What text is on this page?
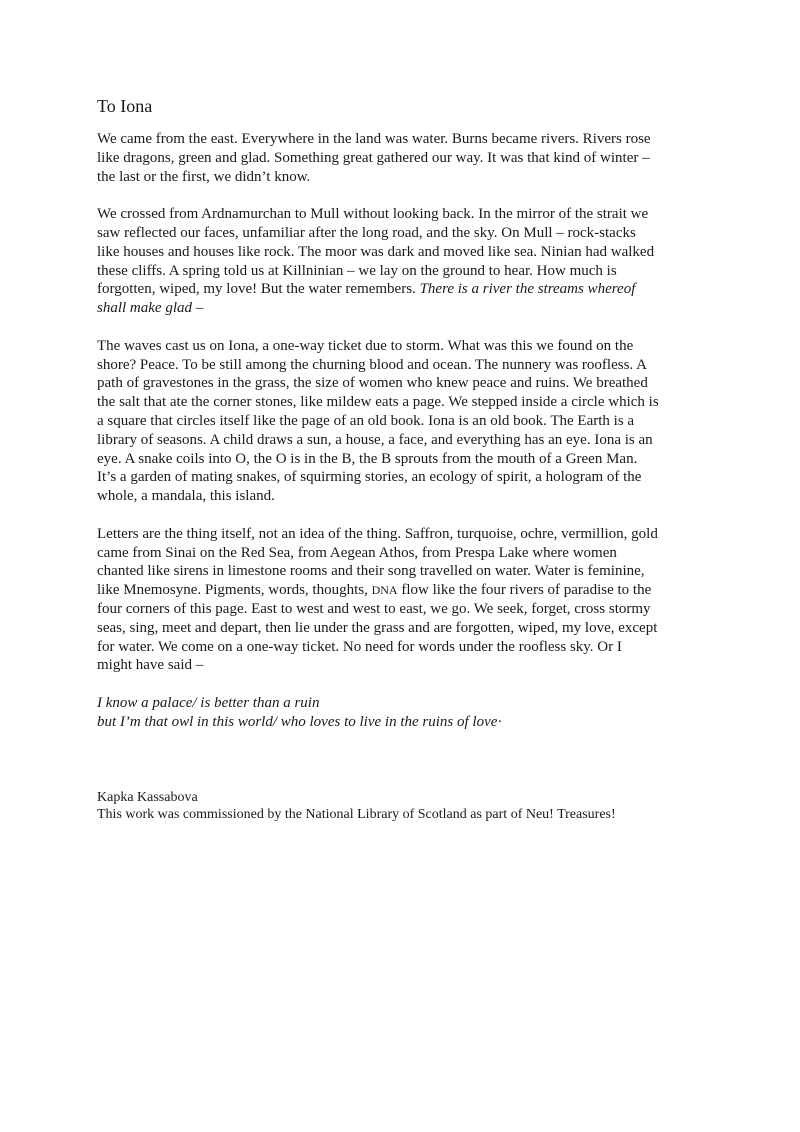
To Iona

We came from the east. Everywhere in the land was water. Burns became rivers. Rivers rose
like dragons, green and glad. Something great gathered our way. It was that kind of winter –
the last or the first, we didn’t know.

We crossed from Ardnamurchan to Mull without looking back. In the mirror of the strait we
saw reflected our faces, unfamiliar after the long road, and the sky. On Mull – rock-stacks
like houses and houses like rock. The moor was dark and moved like sea. Ninian had walked
these cliffs. A spring told us at Killninian – we lay on the ground to hear. How much is
forgotten, wiped, my love! But the water remembers. There is a river the streams whereof
shall make glad –

The waves cast us on Iona, a one-way ticket due to storm. What was this we found on the
shore? Peace. To be still among the churning blood and ocean. The nunnery was roofless. A
path of gravestones in the grass, the size of women who knew peace and ruins. We breathed
the salt that ate the corner stones, like mildew eats a page. We stepped inside a circle which is
a square that circles itself like the page of an old book. Iona is an old book. The Earth is a
library of seasons. A child draws a sun, a house, a face, and everything has an eye. Iona is an
eye. A snake coils into O, the O is in the B, the B sprouts from the mouth of a Green Man.
It’s a garden of mating snakes, of squirming stories, an ecology of spirit, a hologram of the
whole, a mandala, this island.

Letters are the thing itself, not an idea of the thing. Saffron, turquoise, ochre, vermillion, gold
came from Sinai on the Red Sea, from Aegean Athos, from Prespa Lake where women
chanted like sirens in limestone rooms and their song travelled on water. Water is feminine,
like Mnemosyne. Pigments, words, thoughts, DNA flow like the four rivers of paradise to the
four corners of this page. East to west and west to east, we go. We seek, forget, cross stormy
seas, sing, meet and depart, then lie under the grass and are forgotten, wiped, my love, except
for water. We come on a one-way ticket. No need for words under the roofless sky. Or I
might have said –

I know a palace/ is better than a ruin
but I’m that owl in this world/ who loves to live in the ruins of love·

Kapka Kassabova
This work was commissioned by the National Library of Scotland as part of Neu! Treasures!
